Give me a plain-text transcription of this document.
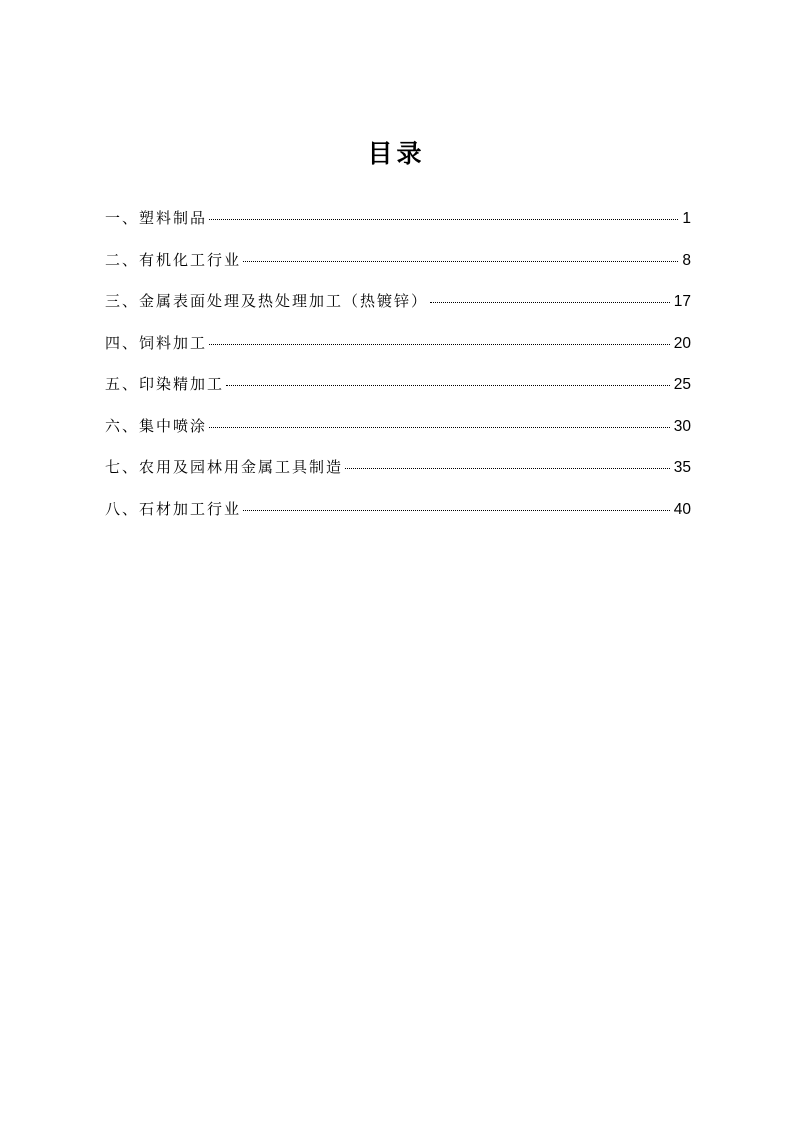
目录
一、塑料制品	1
二、有机化工行业	8
三、金属表面处理及热处理加工（热镀锌）	17
四、饲料加工	20
五、印染精加工	25
六、集中喷涂	30
七、农用及园林用金属工具制造	35
八、石材加工行业	40
